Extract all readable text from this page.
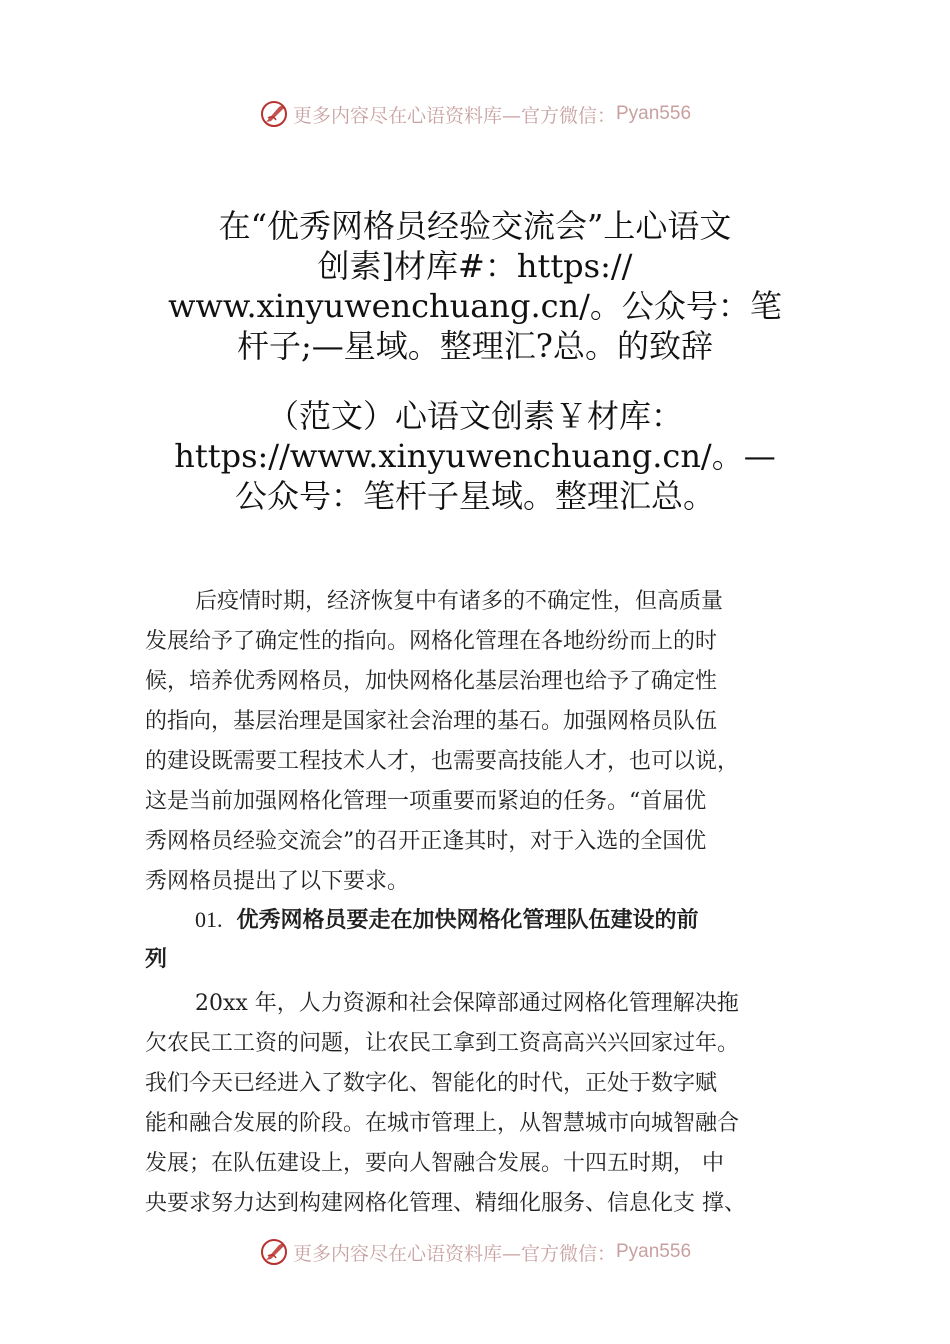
更多内容尽在心语资料库—官方微信： Pyan556
在“优秀网格员经验交流会”上心语文
创素]材库#：https://
www.xinyuwenchuang.cn/。公众号：笔
杆子;—星域。整理汇?总。的致辞
（范文）心语文创素￥材库：
https://www.xinyuwenchuang.cn/。—
公众号：笔杆子星域。整理汇总。
后疫情时期，经济恢复中有诸多的不确定性，但高质量
发展给予了确定性的指向。网格化管理在各地纷纷而上的时
候，培养优秀网格员，加快网格化基层治理也给予了确定性
的指向，基层治理是国家社会治理的基石。加强网格员队伍
的建设既需要工程技术人才，也需要高技能人才，也可以说，
这是当前加强网格化管理一项重要而紧迫的任务。“首届优
秀网格员经验交流会”的召开正逢其时，对于入选的全国优
秀网格员提出了以下要求。
01. 优秀网格员要走在加快网格化管理队伍建设的前
列
20xx 年，人力资源和社会保障部通过网格化管理解决拖
欠农民工工资的问题，让农民工拿到工资高高兴兴回家过年。
我们今天已经进入了数字化、智能化的时代，正处于数字赋
能和融合发展的阶段。在城市管理上，从智慧城市向城智融合
发展；在队伍建设上，要向人智融合发展。十四五时期， 中
央要求努力达到构建网格化管理、精细化服务、信息化支 撑、
更多内容尽在心语资料库—官方微信： Pyan556
